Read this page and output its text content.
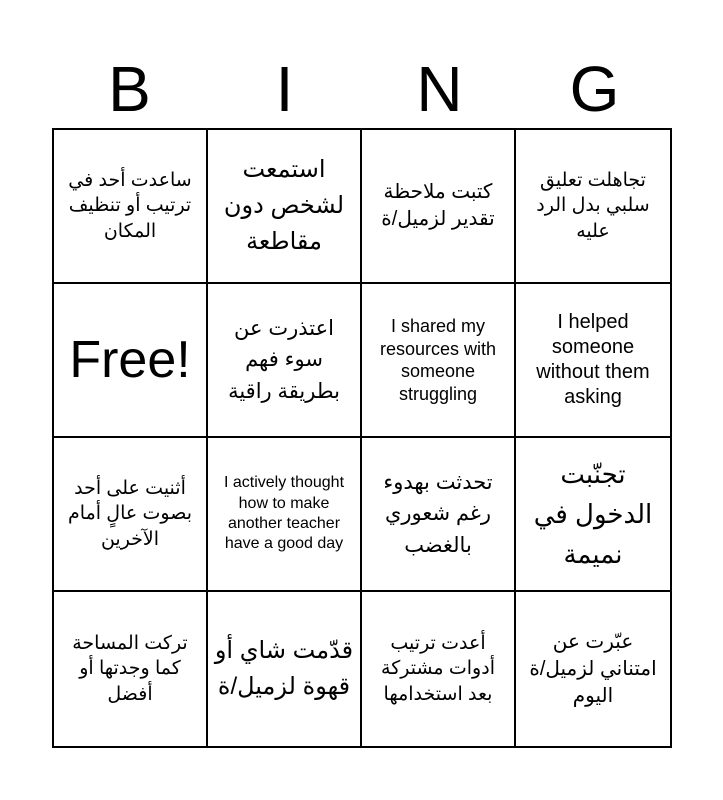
B	I	N	G
ساعدت أحد في ترتيب أو تنظيف المكان
استمعت لشخص دون مقاطعة
كتبت ملاحظة تقدير لزميل/ة
تجاهلت تعليق سلبي بدل الرد عليه
Free!
اعتذرت عن سوء فهم بطريقة راقية
I shared my resources with someone struggling
I helped someone without them asking
أثنيت على أحد بصوت عالٍ أمام الآخرين
I actively thought how to make another teacher have a good day
تحدثت بهدوء رغم شعوري بالغضب
تجنّبت الدخول في نميمة
تركت المساحة كما وجدتها أو أفضل
قدّمت شاي أو قهوة لزميل/ة
أعدت ترتيب أدوات مشتركة بعد استخدامها
عبّرت عن امتناني لزميل/ة اليوم
